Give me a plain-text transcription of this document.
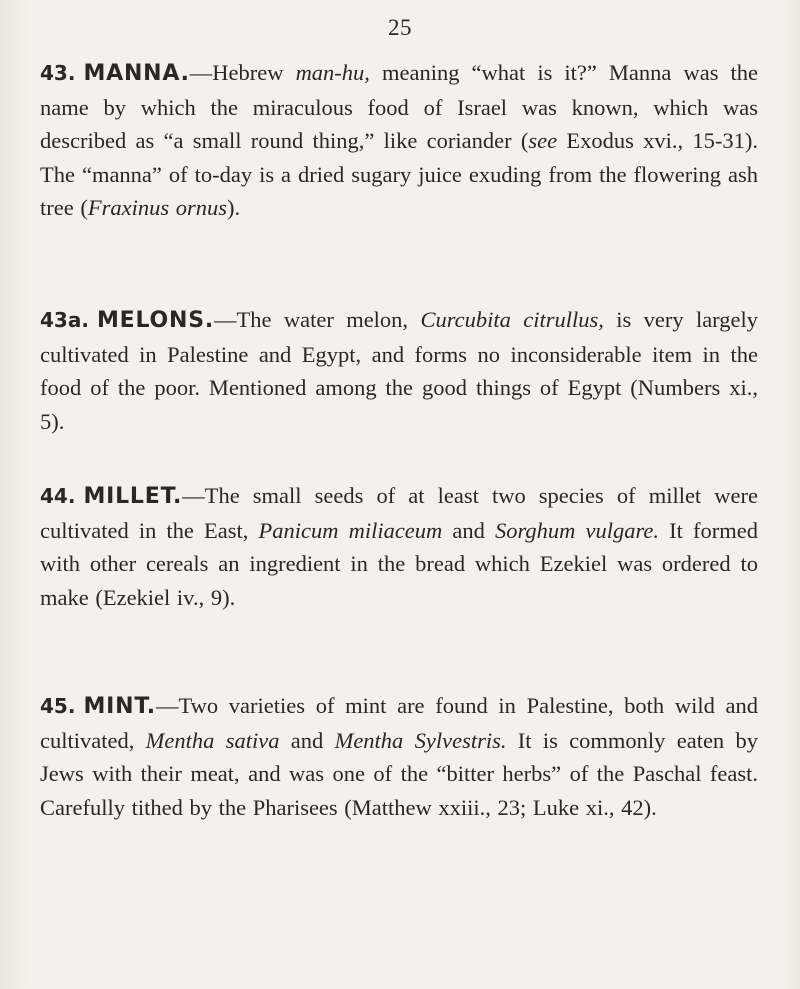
25

43. MANNA.—Hebrew man-hu, meaning “what is it?” Manna was the name by which the miraculous food of Israel was known, which was described as “a small round thing,” like coriander (see Exodus xvi., 15-31). The “manna” of to-day is a dried sugary juice exuding from the flowering ash tree (Fraxinus ornus).

43a. MELONS.—The water melon, Curcubita citrullus, is very largely cultivated in Palestine and Egypt, and forms no inconsiderable item in the food of the poor. Mentioned among the good things of Egypt (Numbers xi., 5).

44. MILLET.—The small seeds of at least two species of millet were cultivated in the East, Panicum miliaceum and Sorghum vulgare. It formed with other cereals an ingredient in the bread which Ezekiel was ordered to make (Ezekiel iv., 9).

45. MINT.—Two varieties of mint are found in Palestine, both wild and cultivated, Mentha sativa and Mentha Sylvestris. It is commonly eaten by Jews with their meat, and was one of the “bitter herbs” of the Paschal feast. Carefully tithed by the Pharisees (Matthew xxiii., 23; Luke xi., 42).
